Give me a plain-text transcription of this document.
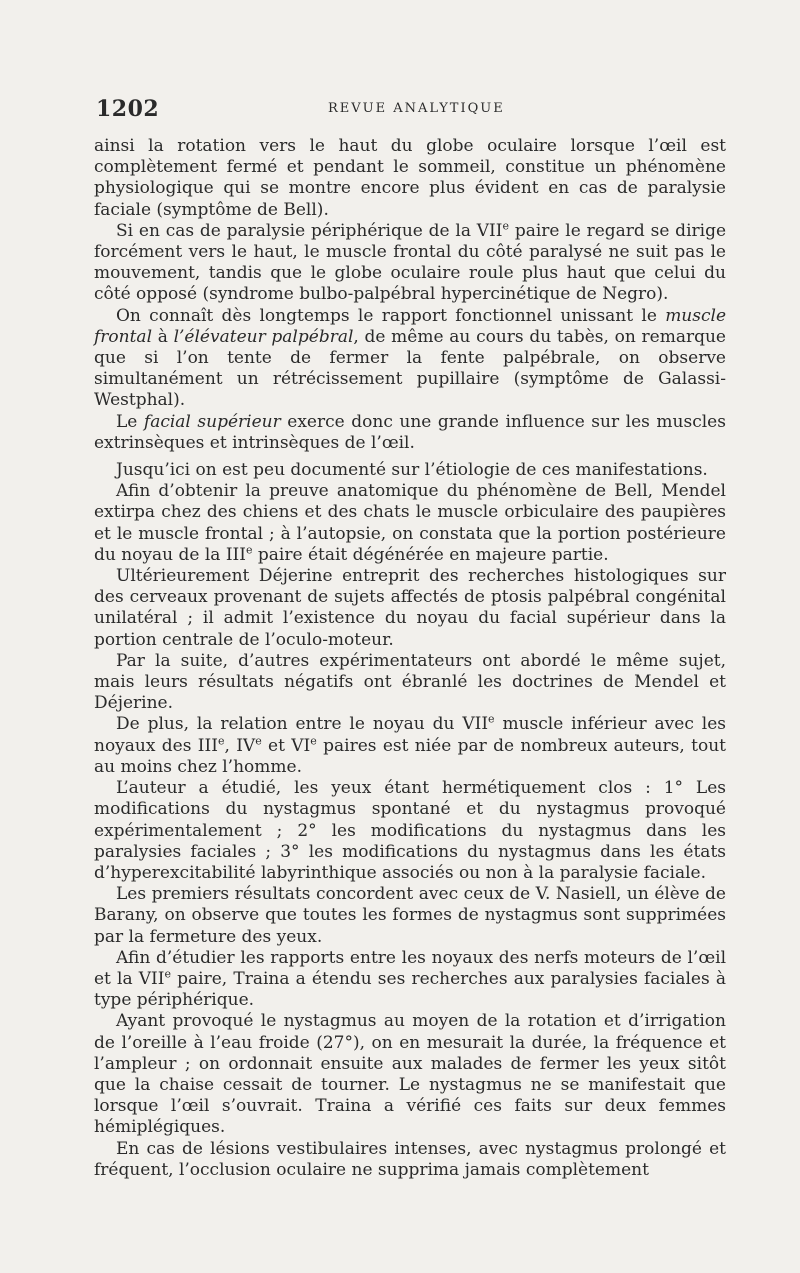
1202	REVUE ANALYTIQUE

ainsi la rotation vers le haut du globe oculaire lorsque l’œil est complètement fermé et pendant le sommeil, constitue un phénomène physiologique qui se montre encore plus évident en cas de paralysie faciale (symptôme de Bell).

Si en cas de paralysie périphérique de la VIIe paire le regard se dirige forcément vers le haut, le muscle frontal du côté paralysé ne suit pas le mouvement, tandis que le globe oculaire roule plus haut que celui du côté opposé (syndrome bulbo-palpébral hypercinétique de Negro).

On connaît dès longtemps le rapport fonctionnel unissant le muscle frontal à l’élévateur palpébral, de même au cours du tabès, on remarque que si l’on tente de fermer la fente palpébrale, on observe simultanément un rétrécissement pupillaire (symptôme de Galassi-Westphal).

Le facial supérieur exerce donc une grande influence sur les muscles extrinsèques et intrinsèques de l’œil.

Jusqu’ici on est peu documenté sur l’étiologie de ces manifestations.

Afin d’obtenir la preuve anatomique du phénomène de Bell, Mendel extirpa chez des chiens et des chats le muscle orbiculaire des paupières et le muscle frontal ; à l’autopsie, on constata que la portion postérieure du noyau de la IIIe paire était dégénérée en majeure partie.

Ultérieurement Déjerine entreprit des recherches histologiques sur des cerveaux provenant de sujets affectés de ptosis palpébral congénital unilatéral ; il admit l’existence du noyau du facial supérieur dans la portion centrale de l’oculo-moteur.

Par la suite, d’autres expérimentateurs ont abordé le même sujet, mais leurs résultats négatifs ont ébranlé les doctrines de Mendel et Déjerine.

De plus, la relation entre le noyau du VIIe muscle inférieur avec les noyaux des IIIe, IVe et VIe paires est niée par de nombreux auteurs, tout au moins chez l’homme.

L’auteur a étudié, les yeux étant hermétiquement clos : 1° Les modifications du nystagmus spontané et du nystagmus provoqué expérimentalement ; 2° les modifications du nystagmus dans les paralysies faciales ; 3° les modifications du nystagmus dans les états d’hyperexcitabilité labyrinthique associés ou non à la paralysie faciale.

Les premiers résultats concordent avec ceux de V. Nasiell, un élève de Barany, on observe que toutes les formes de nystagmus sont supprimées par la fermeture des yeux.

Afin d’étudier les rapports entre les noyaux des nerfs moteurs de l’œil et la VIIe paire, Traina a étendu ses recherches aux paralysies faciales à type périphérique.

Ayant provoqué le nystagmus au moyen de la rotation et d’irrigation de l’oreille à l’eau froide (27°), on en mesurait la durée, la fréquence et l’ampleur ; on ordonnait ensuite aux malades de fermer les yeux sitôt que la chaise cessait de tourner. Le nystagmus ne se manifestait que lorsque l’œil s’ouvrait. Traina a vérifié ces faits sur deux femmes hémiplégiques.

En cas de lésions vestibulaires intenses, avec nystagmus prolongé et fréquent, l’occlusion oculaire ne supprima jamais complètement
